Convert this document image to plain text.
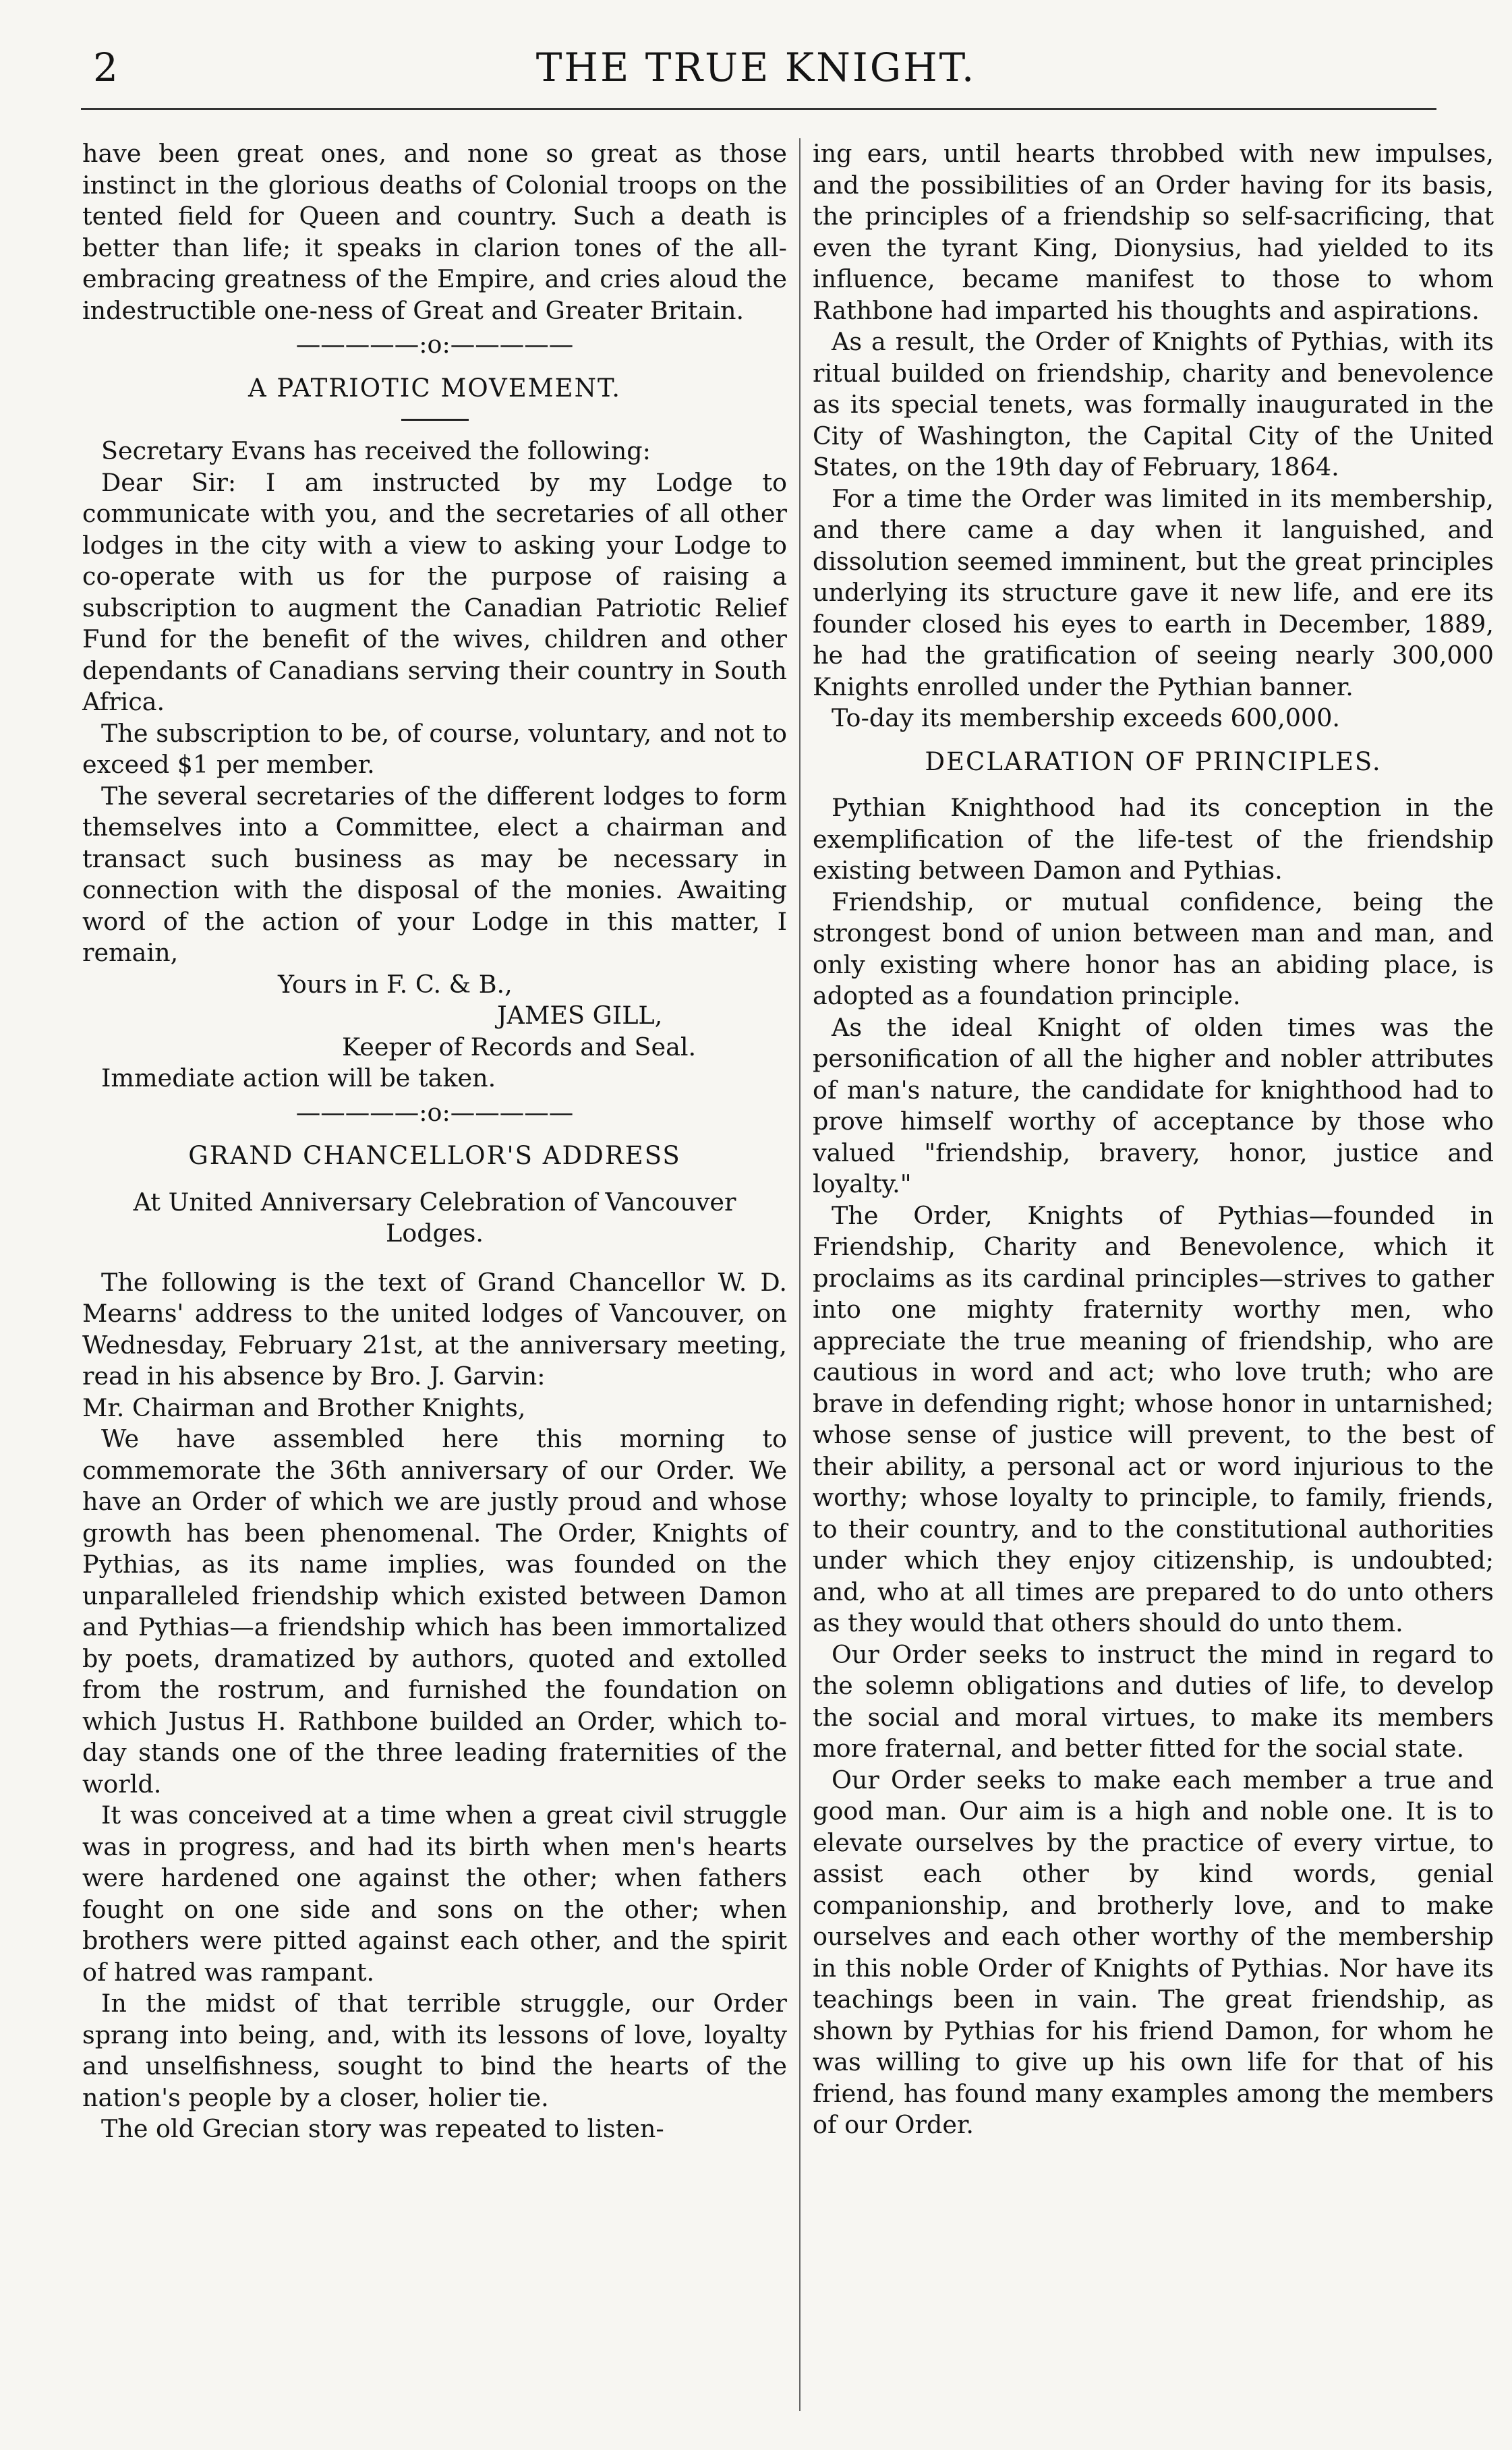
2	THE TRUE KNIGHT.

have been great ones, and none so great as those instinct in the glorious deaths of Colonial troops on the tented field for Queen and country. Such a death is better than life; it speaks in clarion tones of the all-embracing greatness of the Empire, and cries aloud the indestructible one-ness of Great and Greater Britain.

—————:o:—————
A PATRIOTIC MOVEMENT.

Secretary Evans has received the following:

Dear Sir: I am instructed by my Lodge to communicate with you, and the secretaries of all other lodges in the city with a view to asking your Lodge to co-operate with us for the purpose of raising a subscription to augment the Canadian Patriotic Relief Fund for the benefit of the wives, children and other dependants of Canadians serving their country in South Africa.

The subscription to be, of course, voluntary, and not to exceed $1 per member.

The several secretaries of the different lodges to form themselves into a Committee, elect a chairman and transact such business as may be necessary in connection with the disposal of the monies. Awaiting word of the action of your Lodge in this matter, I remain,

Yours in F. C. & B.,

JAMES GILL,

Keeper of Records and Seal.

Immediate action will be taken.

—————:o:—————
GRAND CHANCELLOR'S ADDRESS

At United Anniversary Celebration of Vancouver Lodges.

The following is the text of Grand Chancellor W. D. Mearns' address to the united lodges of Vancouver, on Wednesday, February 21st, at the anniversary meeting, read in his absence by Bro. J. Garvin:

Mr. Chairman and Brother Knights,

We have assembled here this morning to commemorate the 36th anniversary of our Order. We have an Order of which we are justly proud and whose growth has been phenomenal. The Order, Knights of Pythias, as its name implies, was founded on the unparalleled friendship which existed between Damon and Pythias—a friendship which has been immortalized by poets, dramatized by authors, quoted and extolled from the rostrum, and furnished the foundation on which Justus H. Rathbone builded an Order, which to-day stands one of the three leading fraternities of the world.

It was conceived at a time when a great civil struggle was in progress, and had its birth when men's hearts were hardened one against the other; when fathers fought on one side and sons on the other; when brothers were pitted against each other, and the spirit of hatred was rampant.

In the midst of that terrible struggle, our Order sprang into being, and, with its lessons of love, loyalty and unselfishness, sought to bind the hearts of the nation's people by a closer, holier tie.

The old Grecian story was repeated to listen-

ing ears, until hearts throbbed with new impulses, and the possibilities of an Order having for its basis, the principles of a friendship so self-sacrificing, that even the tyrant King, Dionysius, had yielded to its influence, became manifest to those to whom Rathbone had imparted his thoughts and aspirations.

As a result, the Order of Knights of Pythias, with its ritual builded on friendship, charity and benevolence as its special tenets, was formally inaugurated in the City of Washington, the Capital City of the United States, on the 19th day of February, 1864.

For a time the Order was limited in its membership, and there came a day when it languished, and dissolution seemed imminent, but the great principles underlying its structure gave it new life, and ere its founder closed his eyes to earth in December, 1889, he had the gratification of seeing nearly 300,000 Knights enrolled under the Pythian banner.

To-day its membership exceeds 600,000.

DECLARATION OF PRINCIPLES.

Pythian Knighthood had its conception in the exemplification of the life-test of the friendship existing between Damon and Pythias.

Friendship, or mutual confidence, being the strongest bond of union between man and man, and only existing where honor has an abiding place, is adopted as a foundation principle.

As the ideal Knight of olden times was the personification of all the higher and nobler attributes of man's nature, the candidate for knighthood had to prove himself worthy of acceptance by those who valued "friendship, bravery, honor, justice and loyalty."

The Order, Knights of Pythias—founded in Friendship, Charity and Benevolence, which it proclaims as its cardinal principles—strives to gather into one mighty fraternity worthy men, who appreciate the true meaning of friendship, who are cautious in word and act; who love truth; who are brave in defending right; whose honor in untarnished; whose sense of justice will prevent, to the best of their ability, a personal act or word injurious to the worthy; whose loyalty to principle, to family, friends, to their country, and to the constitutional authorities under which they enjoy citizenship, is undoubted; and, who at all times are prepared to do unto others as they would that others should do unto them.

Our Order seeks to instruct the mind in regard to the solemn obligations and duties of life, to develop the social and moral virtues, to make its members more fraternal, and better fitted for the social state.

Our Order seeks to make each member a true and good man. Our aim is a high and noble one. It is to elevate ourselves by the practice of every virtue, to assist each other by kind words, genial companionship, and brotherly love, and to make ourselves and each other worthy of the membership in this noble Order of Knights of Pythias. Nor have its teachings been in vain. The great friendship, as shown by Pythias for his friend Damon, for whom he was willing to give up his own life for that of his friend, has found many examples among the members of our Order.
